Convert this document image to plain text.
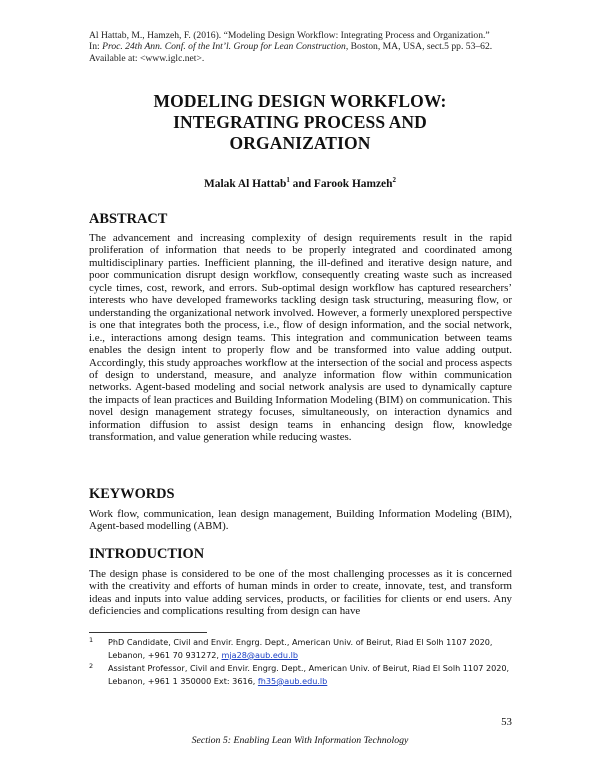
Al Hattab, M., Hamzeh, F. (2016). “Modeling Design Workflow: Integrating Process and Organization.”
In: Proc. 24th Ann. Conf. of the Int’l. Group for Lean Construction, Boston, MA, USA, sect.5 pp. 53–62.
Available at: <www.iglc.net>.
MODELING DESIGN WORKFLOW:
INTEGRATING PROCESS AND
ORGANIZATION
Malak Al Hattab$^1$ and Farook Hamzeh$^2$
ABSTRACT
The advancement and increasing complexity of design requirements result in the rapid proliferation of information that needs to be properly integrated and coordinated among multidisciplinary parties. Inefficient planning, the ill-defined and iterative design nature, and poor communication disrupt design workflow, consequently creating waste such as increased cycle times, cost, rework, and errors. Sub-optimal design workflow has captured researchers’ interests who have developed frameworks tackling design task structuring, measuring flow, or understanding the organizational network involved. However, a formerly unexplored perspective is one that integrates both the process, i.e., flow of design information, and the social network, i.e., interactions among design teams. This integration and communication between teams enables the design intent to properly flow and be transformed into value adding output. Accordingly, this study approaches workflow at the intersection of the social and process aspects of design to understand, measure, and analyze information flow within communication networks. Agent-based modeling and social network analysis are used to dynamically capture the impacts of lean practices and Building Information Modeling (BIM) on communication. This novel design management strategy focuses, simultaneously, on interaction dynamics and information diffusion to assist design teams in enhancing design flow, knowledge transformation, and value generation while reducing wastes.
KEYWORDS
Work flow, communication, lean design management, Building Information Modeling (BIM), Agent-based modelling (ABM).
INTRODUCTION
The design phase is considered to be one of the most challenging processes as it is concerned with the creativity and efforts of human minds in order to create, innovate, test, and transform ideas and inputs into value adding services, products, or facilities for clients or end users. Any deficiencies and complications resulting from design can have
1 PhD Candidate, Civil and Envir. Engrg. Dept., American Univ. of Beirut, Riad El Solh 1107 2020, Lebanon, +961 70 931272, mja28@aub.edu.lb
2 Assistant Professor, Civil and Envir. Engrg. Dept., American Univ. of Beirut, Riad El Solh 1107 2020, Lebanon, +961 1 350000 Ext: 3616, fh35@aub.edu.lb
53
Section 5: Enabling Lean With Information Technology
